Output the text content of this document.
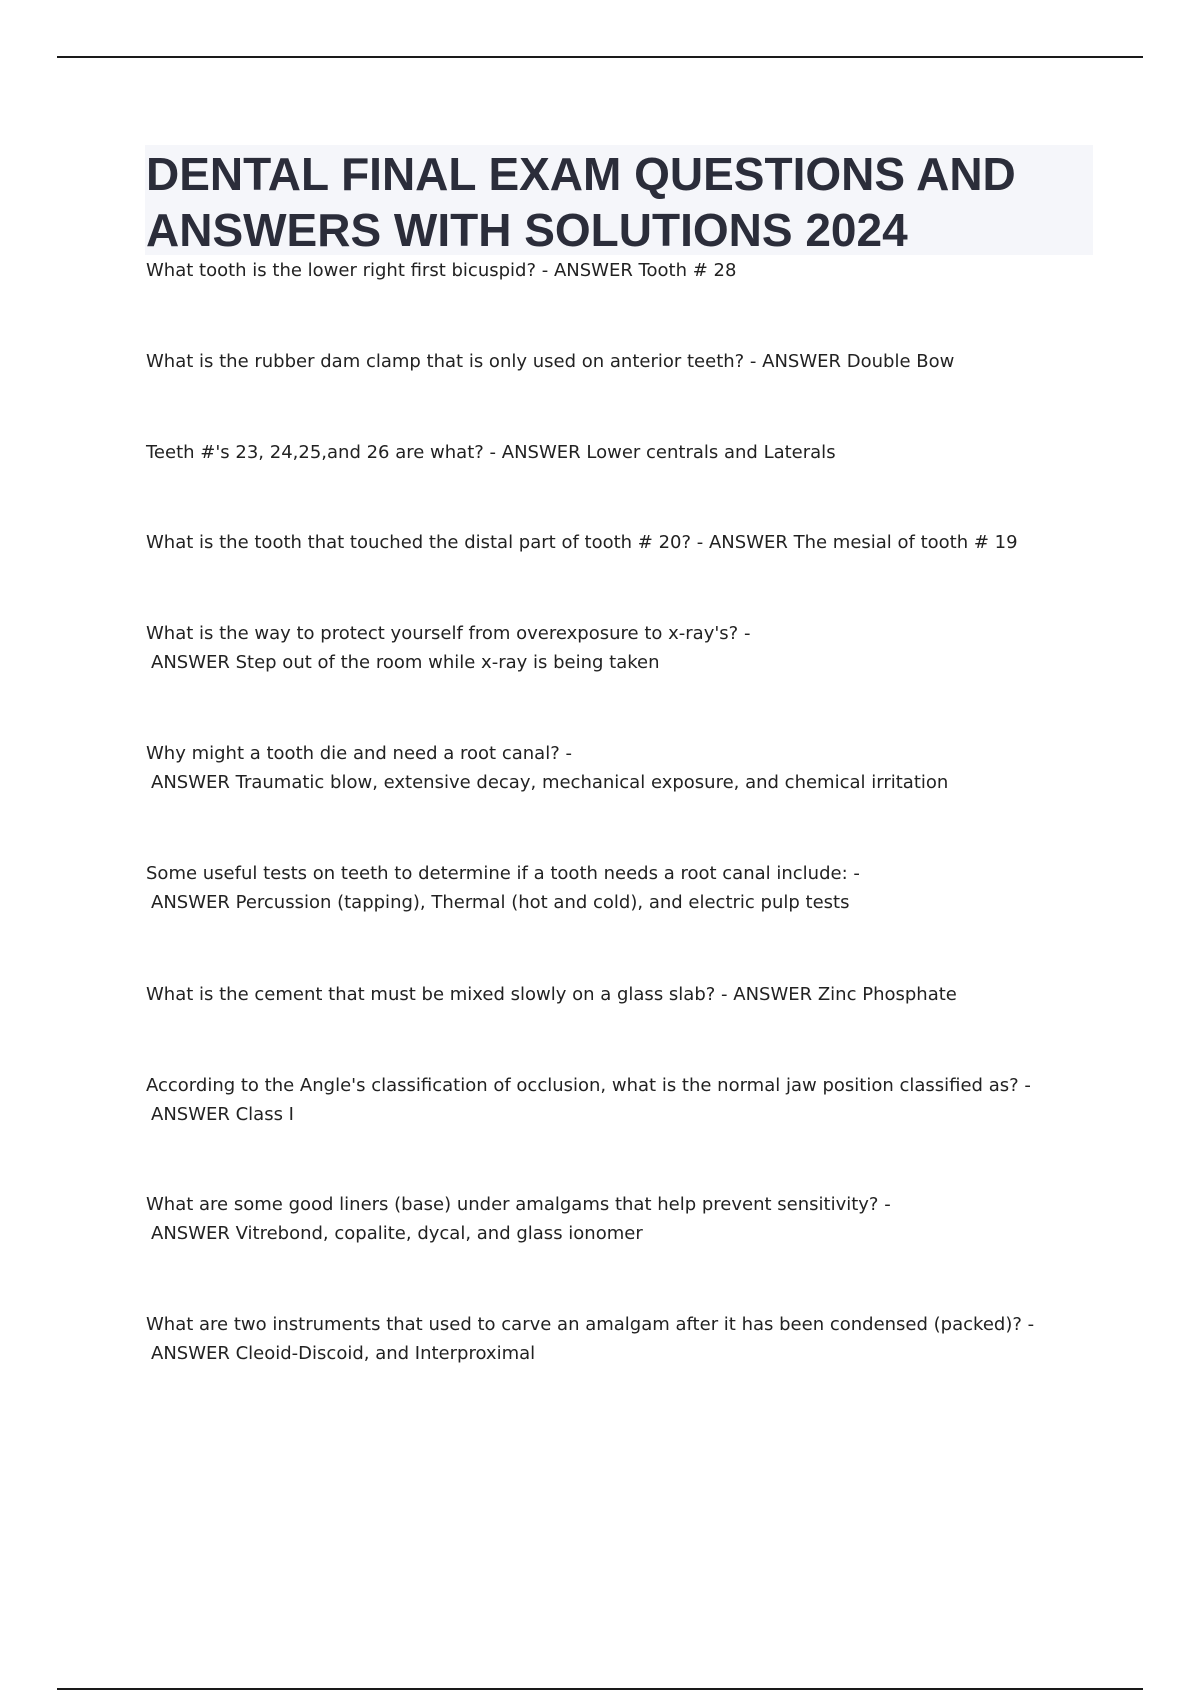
DENTAL FINAL EXAM QUESTIONS AND ANSWERS WITH SOLUTIONS 2024
What tooth is the lower right first bicuspid? - ANSWER Tooth # 28
What is the rubber dam clamp that is only used on anterior teeth? - ANSWER Double Bow
Teeth #'s 23, 24,25,and 26 are what? - ANSWER Lower centrals and Laterals
What is the tooth that touched the distal part of tooth # 20? - ANSWER The mesial of tooth # 19
What is the way to protect yourself from overexposure to x-ray's? -
ANSWER Step out of the room while x-ray is being taken
Why might a tooth die and need a root canal? -
ANSWER Traumatic blow, extensive decay, mechanical exposure, and chemical irritation
Some useful tests on teeth to determine if a tooth needs a root canal include: -
ANSWER Percussion (tapping), Thermal (hot and cold), and electric pulp tests
What is the cement that must be mixed slowly on a glass slab? - ANSWER Zinc Phosphate
According to the Angle's classification of occlusion, what is the normal jaw position classified as? -
ANSWER Class I
What are some good liners (base) under amalgams that help prevent sensitivity? -
ANSWER Vitrebond, copalite, dycal, and glass ionomer
What are two instruments that used to carve an amalgam after it has been condensed (packed)? -
ANSWER Cleoid-Discoid, and Interproximal
